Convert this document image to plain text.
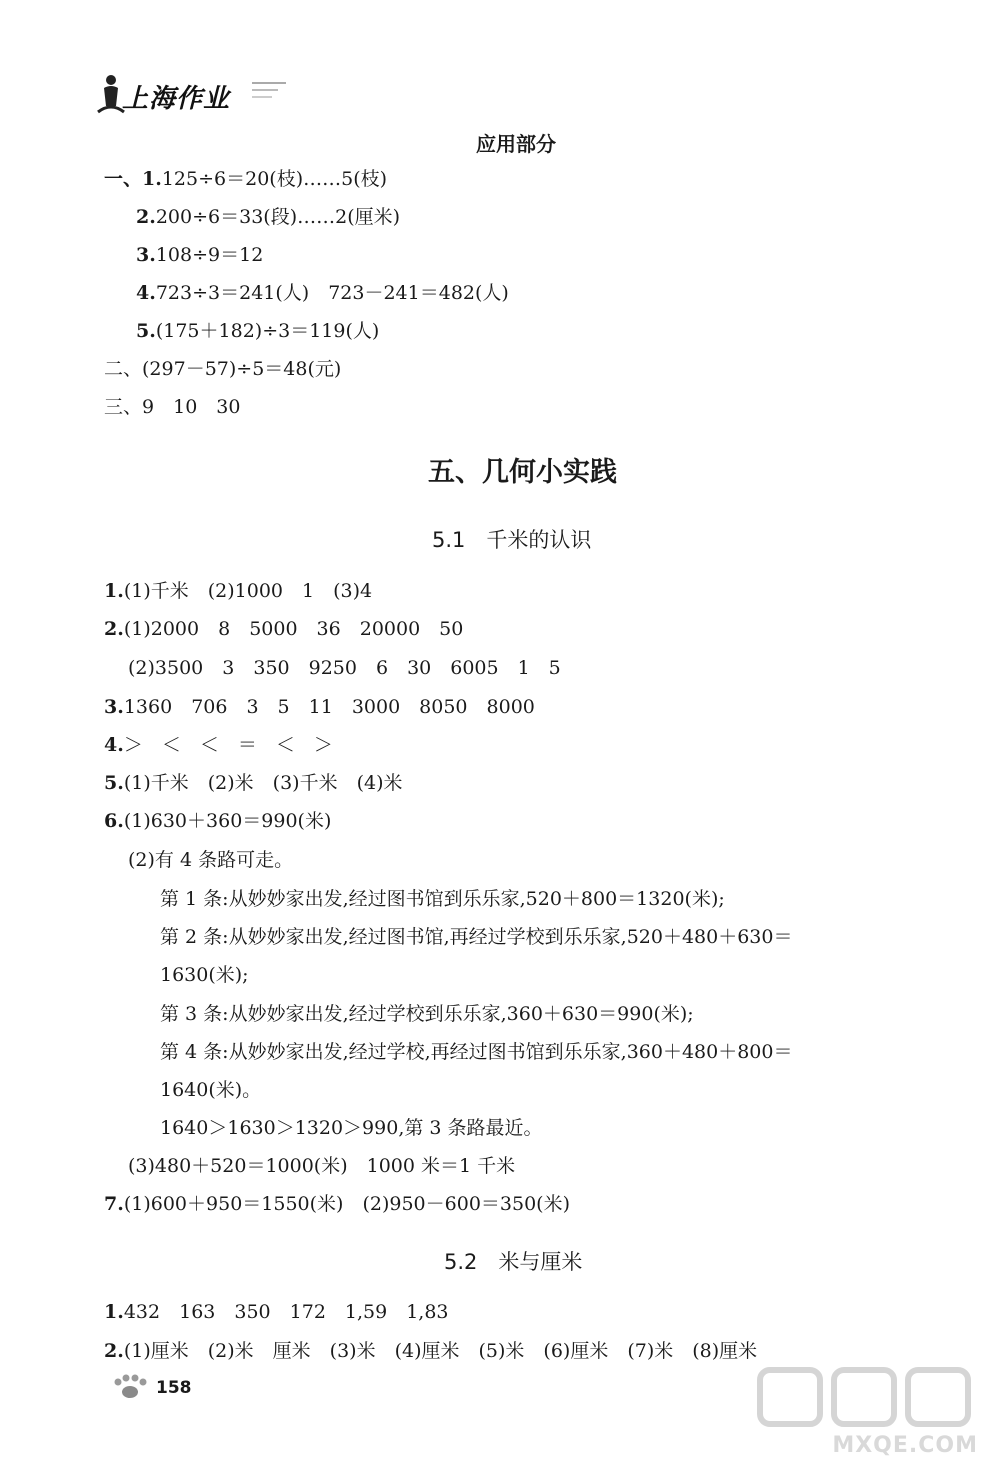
上海作业
应用部分
一、1.125÷6＝20(枝)……5(枝)
2.200÷6＝33(段)……2(厘米)
3.108÷9＝12
4.723÷3＝241(人)　723－241＝482(人)
5.(175＋182)÷3＝119(人)
二、(297－57)÷5＝48(元)
三、9　10　30
五、几何小实践
5.1　千米的认识
1.(1)千米　(2)1000　1　(3)4
2.(1)2000　8　5000　36　20000　50
(2)3500　3　350　9250　6　30　6005　1　5
3.1360　706　3　5　11　3000　8050　8000
4.＞　＜　＜　＝　＜　＞
5.(1)千米　(2)米　(3)千米　(4)米
6.(1)630＋360＝990(米)
(2)有 4 条路可走。
第 1 条:从妙妙家出发,经过图书馆到乐乐家,520＋800＝1320(米);
第 2 条:从妙妙家出发,经过图书馆,再经过学校到乐乐家,520＋480＋630＝
1630(米);
第 3 条:从妙妙家出发,经过学校到乐乐家,360＋630＝990(米);
第 4 条:从妙妙家出发,经过学校,再经过图书馆到乐乐家,360＋480＋800＝
1640(米)。
1640＞1630＞1320＞990,第 3 条路最近。
(3)480＋520＝1000(米)　1000 米＝1 千米
7.(1)600＋950＝1550(米)　(2)950－600＝350(米)
5.2　米与厘米
1.432　163　350　172　1,59　1,83
2.(1)厘米　(2)米　厘米　(3)米　(4)厘米　(5)米　(6)厘米　(7)米　(8)厘米
158
MXQE.COM
